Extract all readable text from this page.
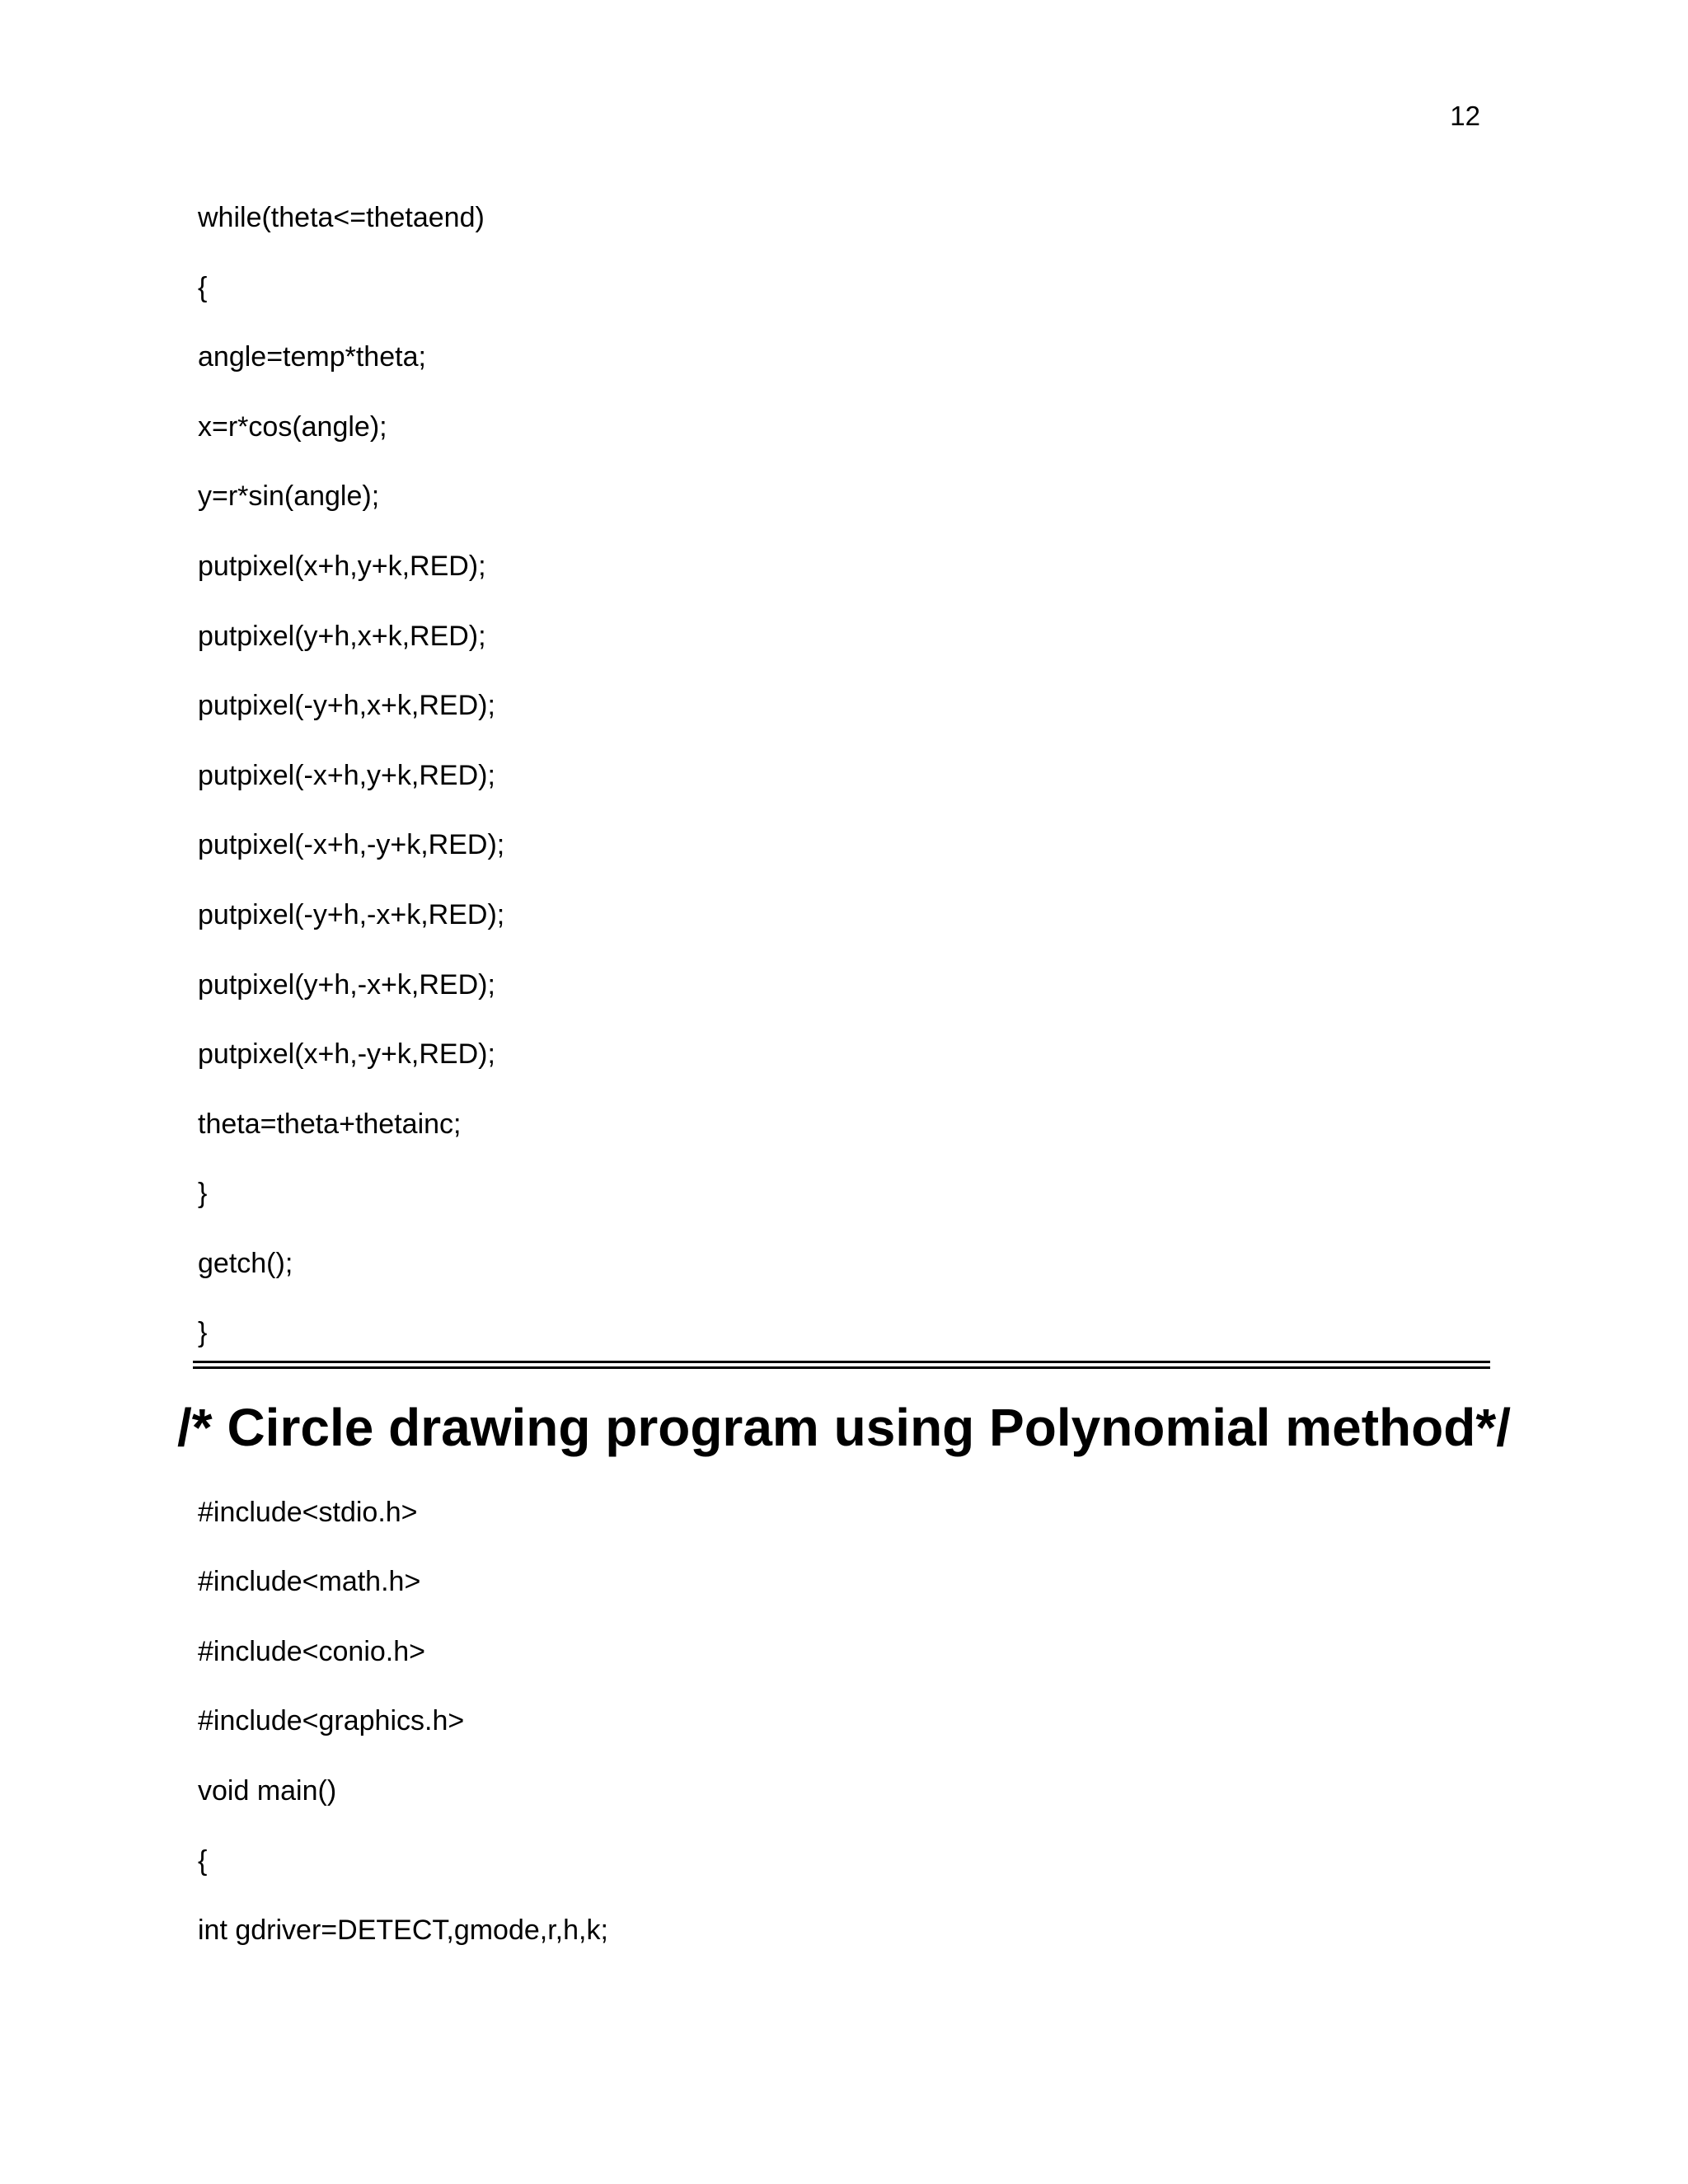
12
while(theta<=thetaend)
{
angle=temp*theta;
x=r*cos(angle);
y=r*sin(angle);
putpixel(x+h,y+k,RED);
putpixel(y+h,x+k,RED);
putpixel(-y+h,x+k,RED);
putpixel(-x+h,y+k,RED);
putpixel(-x+h,-y+k,RED);
putpixel(-y+h,-x+k,RED);
putpixel(y+h,-x+k,RED);
putpixel(x+h,-y+k,RED);
theta=theta+thetainc;
}
getch();
}
/* Circle drawing program using Polynomial method*/
#include<stdio.h>
#include<math.h>
#include<conio.h>
#include<graphics.h>
void main()
{
int gdriver=DETECT,gmode,r,h,k;
